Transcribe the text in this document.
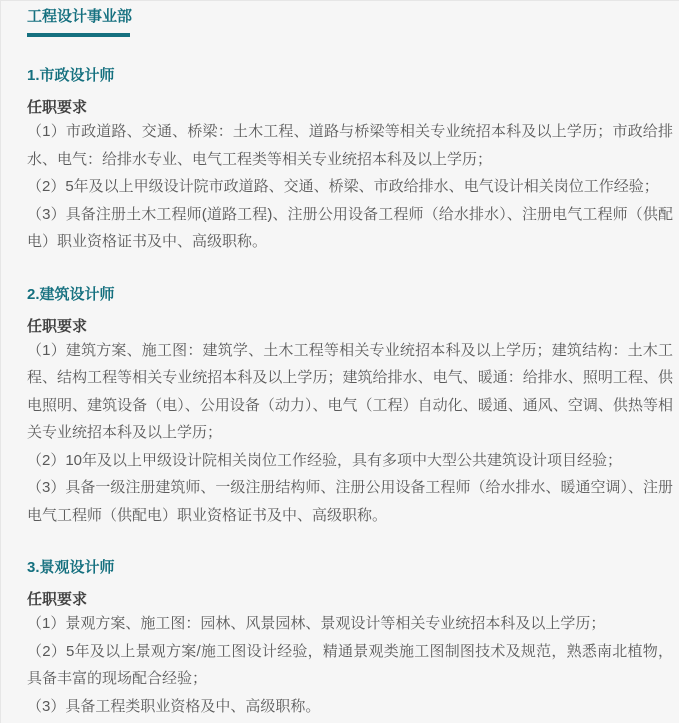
工程设计事业部
1.市政设计师
任职要求

（1）市政道路、交通、桥梁：土木工程、道路与桥梁等相关专业统招本科及以上学历；市政给排水、电气：给排水专业、电气工程类等相关专业统招本科及以上学历；

（2）5年及以上甲级设计院市政道路、交通、桥梁、市政给排水、电气设计相关岗位工作经验；

（3）具备注册土木工程师(道路工程)、注册公用设备工程师（给水排水）、注册电气工程师（供配电）职业资格证书及中、高级职称。

2.建筑设计师
任职要求

（1）建筑方案、施工图：建筑学、土木工程等相关专业统招本科及以上学历；建筑结构：土木工程、结构工程等相关专业统招本科及以上学历；建筑给排水、电气、暖通：给排水、照明工程、供电照明、建筑设备（电）、公用设备（动力）、电气（工程）自动化、暖通、通风、空调、供热等相关专业统招本科及以上学历；

（2）10年及以上甲级设计院相关岗位工作经验，具有多项中大型公共建筑设计项目经验；

（3）具备一级注册建筑师、一级注册结构师、注册公用设备工程师（给水排水、暖通空调）、注册电气工程师（供配电）职业资格证书及中、高级职称。

3.景观设计师
任职要求

（1）景观方案、施工图：园林、风景园林、景观设计等相关专业统招本科及以上学历；

（2）5年及以上景观方案/施工图设计经验，精通景观类施工图制图技术及规范，熟悉南北植物，具备丰富的现场配合经验；

（3）具备工程类职业资格及中、高级职称。
